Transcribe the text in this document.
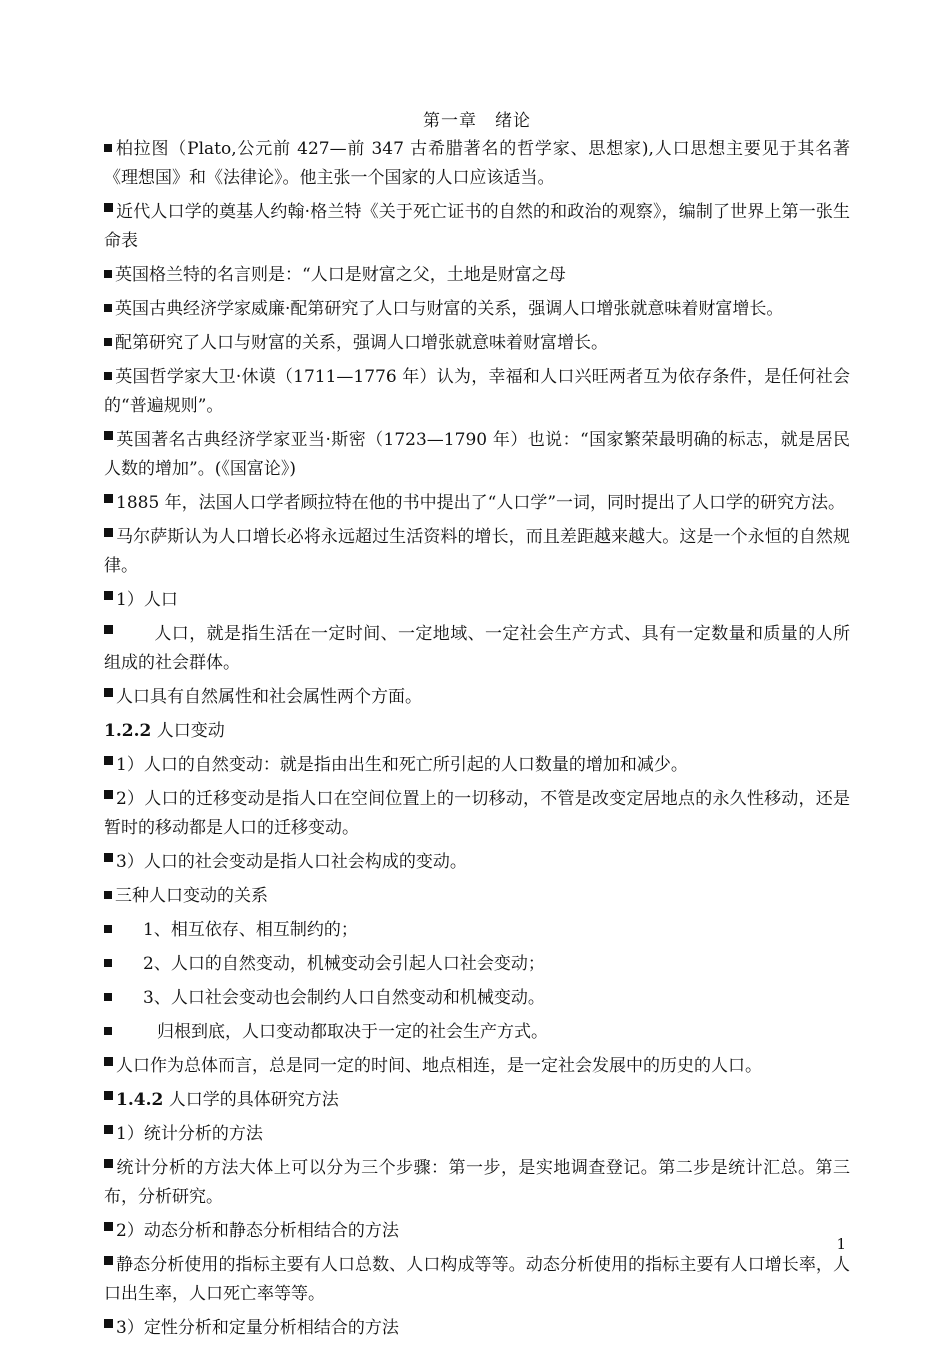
第一章　绪论
柏拉图（Plato,公元前 427—前 347 古希腊著名的哲学家、思想家),人口思想主要见于其名著《理想国》和《法律论》。他主张一个国家的人口应该适当。
近代人口学的奠基人约翰·格兰特《关于死亡证书的自然的和政治的观察》，编制了世界上第一张生命表
英国格兰特的名言则是：“人口是财富之父，土地是财富之母
英国古典经济学家威廉·配第研究了人口与财富的关系，强调人口增张就意味着财富增长。
配第研究了人口与财富的关系，强调人口增张就意味着财富增长。
英国哲学家大卫·休谟（1711—1776 年）认为，幸福和人口兴旺两者互为依存条件，是任何社会的“普遍规则”。
英国著名古典经济学家亚当·斯密（1723—1790 年）也说：“国家繁荣最明确的标志，就是居民人数的增加”。(《国富论》)
1885 年，法国人口学者顾拉特在他的书中提出了“人口学”一词，同时提出了人口学的研究方法。
马尔萨斯认为人口增长必将永远超过生活资料的增长，而且差距越来越大。这是一个永恒的自然规律。
1）人口
人口，就是指生活在一定时间、一定地域、一定社会生产方式、具有一定数量和质量的人所组成的社会群体。
人口具有自然属性和社会属性两个方面。
1.2.2 人口变动
1）人口的自然变动：就是指由出生和死亡所引起的人口数量的增加和减少。
2）人口的迁移变动是指人口在空间位置上的一切移动，不管是改变定居地点的永久性移动，还是暂时的移动都是人口的迁移变动。
3）人口的社会变动是指人口社会构成的变动。
三种人口变动的关系
1、相互依存、相互制约的；
2、人口的自然变动，机械变动会引起人口社会变动；
3、人口社会变动也会制约人口自然变动和机械变动。
归根到底，人口变动都取决于一定的社会生产方式。
人口作为总体而言，总是同一定的时间、地点相连，是一定社会发展中的历史的人口。
1.4.2 人口学的具体研究方法
1）统计分析的方法
统计分析的方法大体上可以分为三个步骤：第一步，是实地调查登记。第二步是统计汇总。第三布，分析研究。
2）动态分析和静态分析相结合的方法
静态分析使用的指标主要有人口总数、人口构成等等。动态分析使用的指标主要有人口增长率，人口出生率，人口死亡率等等。
3）定性分析和定量分析相结合的方法
1
